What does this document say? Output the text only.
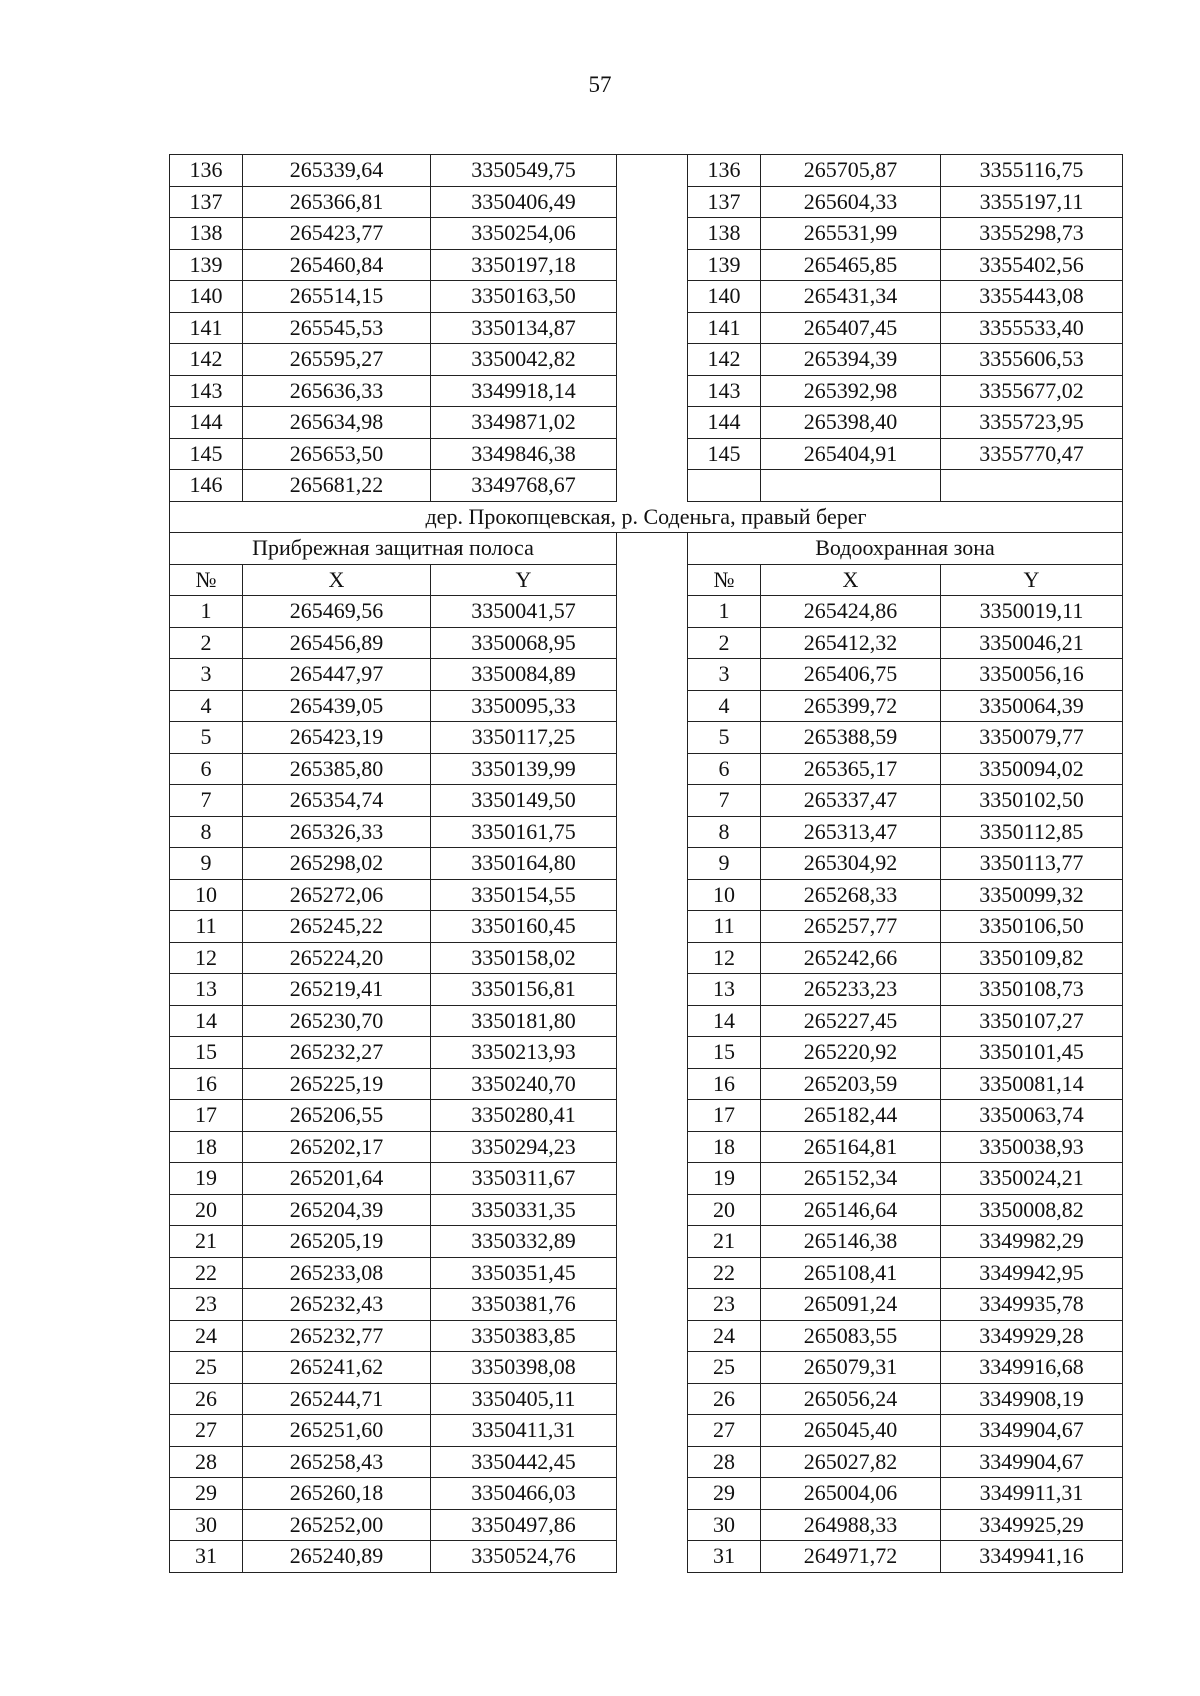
57
136	265339,64	3350549,75	136	265705,87	3355116,75
137	265366,81	3350406,49	137	265604,33	3355197,11
138	265423,77	3350254,06	138	265531,99	3355298,73
139	265460,84	3350197,18	139	265465,85	3355402,56
140	265514,15	3350163,50	140	265431,34	3355443,08
141	265545,53	3350134,87	141	265407,45	3355533,40
142	265595,27	3350042,82	142	265394,39	3355606,53
143	265636,33	3349918,14	143	265392,98	3355677,02
144	265634,98	3349871,02	144	265398,40	3355723,95
145	265653,50	3349846,38	145	265404,91	3355770,47
146	265681,22	3349768,67
дер. Прокопцевская, р. Соденьга, правый берег
Прибрежная защитная полоса	Водоохранная зона
№	X	Y	№	X	Y
1	265469,56	3350041,57	1	265424,86	3350019,11
2	265456,89	3350068,95	2	265412,32	3350046,21
3	265447,97	3350084,89	3	265406,75	3350056,16
4	265439,05	3350095,33	4	265399,72	3350064,39
5	265423,19	3350117,25	5	265388,59	3350079,77
6	265385,80	3350139,99	6	265365,17	3350094,02
7	265354,74	3350149,50	7	265337,47	3350102,50
8	265326,33	3350161,75	8	265313,47	3350112,85
9	265298,02	3350164,80	9	265304,92	3350113,77
10	265272,06	3350154,55	10	265268,33	3350099,32
11	265245,22	3350160,45	11	265257,77	3350106,50
12	265224,20	3350158,02	12	265242,66	3350109,82
13	265219,41	3350156,81	13	265233,23	3350108,73
14	265230,70	3350181,80	14	265227,45	3350107,27
15	265232,27	3350213,93	15	265220,92	3350101,45
16	265225,19	3350240,70	16	265203,59	3350081,14
17	265206,55	3350280,41	17	265182,44	3350063,74
18	265202,17	3350294,23	18	265164,81	3350038,93
19	265201,64	3350311,67	19	265152,34	3350024,21
20	265204,39	3350331,35	20	265146,64	3350008,82
21	265205,19	3350332,89	21	265146,38	3349982,29
22	265233,08	3350351,45	22	265108,41	3349942,95
23	265232,43	3350381,76	23	265091,24	3349935,78
24	265232,77	3350383,85	24	265083,55	3349929,28
25	265241,62	3350398,08	25	265079,31	3349916,68
26	265244,71	3350405,11	26	265056,24	3349908,19
27	265251,60	3350411,31	27	265045,40	3349904,67
28	265258,43	3350442,45	28	265027,82	3349904,67
29	265260,18	3350466,03	29	265004,06	3349911,31
30	265252,00	3350497,86	30	264988,33	3349925,29
31	265240,89	3350524,76	31	264971,72	3349941,16
